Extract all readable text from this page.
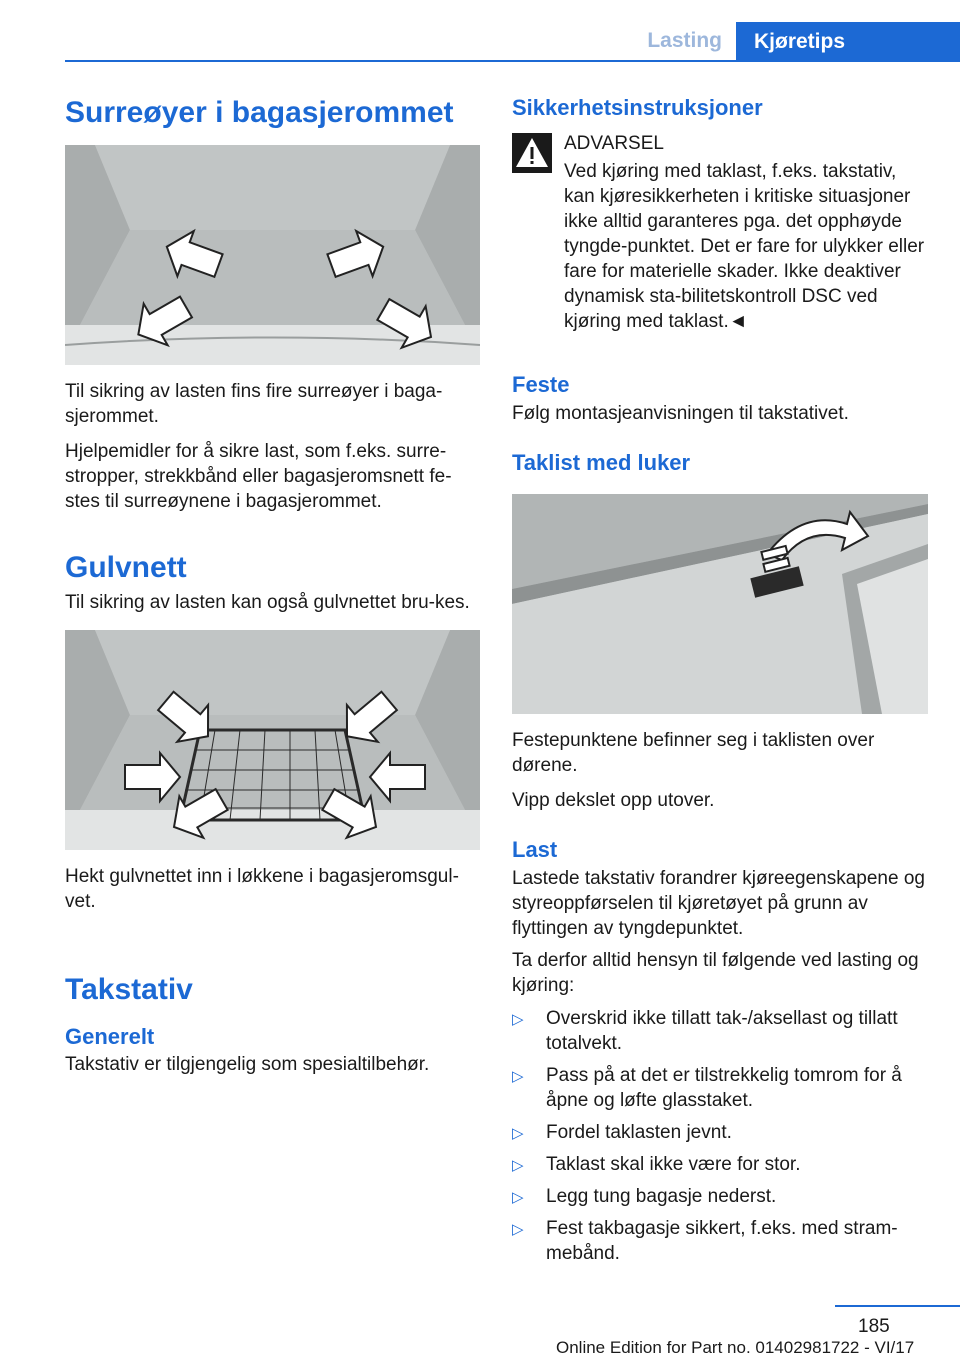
Lasting	Kjøretips
Surreøyer i bagasjerommet

Til sikring av lasten fins fire surreøyer i baga-sjerommet.

Hjelpemidler for å sikre last, som f.eks. surre-stropper, strekkbånd eller bagasjeromsnett fe-stes til surreøynene i bagasjerommet.

Gulvnett

Til sikring av lasten kan også gulvnettet bru-kes.

Hekt gulvnettet inn i løkkene i bagasjeromsgul-vet.

Takstativ
Generelt

Takstativ er tilgjengelig som spesialtilbehør.

Sikkerhetsinstruksjoner

ADVARSEL

Ved kjøring med taklast, f.eks. takstativ, kan kjøresikkerheten i kritiske situasjoner ikke alltid garanteres pga. det opphøyde tyngde-punktet. Det er fare for ulykker eller fare for materielle skader. Ikke deaktiver dynamisk sta-bilitetskontroll DSC ved kjøring med taklast.◄

Feste

Følg montasjeanvisningen til takstativet.

Taklist med luker

Festepunktene befinner seg i taklisten over dørene.

Vipp dekslet opp utover.

Last

Lastede takstativ forandrer kjøreegenskapene og styreoppførselen til kjøretøyet på grunn av flyttingen av tyngdepunktet.

Ta derfor alltid hensyn til følgende ved lasting og kjøring:

▷ Overskrid ikke tillatt tak-/aksellast og tillatt totalvekt.
▷ Pass på at det er tilstrekkelig tomrom for å åpne og løfte glasstaket.
▷ Fordel taklasten jevnt.
▷ Taklast skal ikke være for stor.
▷ Legg tung bagasje nederst.
▷ Fest takbagasje sikkert, f.eks. med stram-mebånd.
185
Online Edition for Part no. 01402981722 - VI/17
